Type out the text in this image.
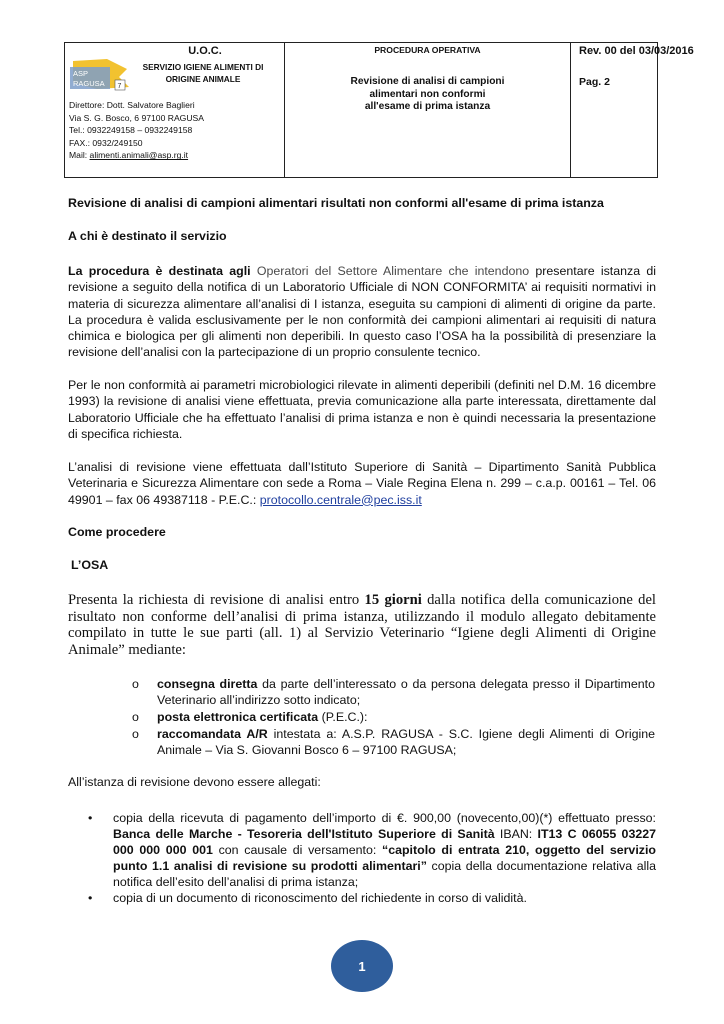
ASP
RAGUSA 7
U.O.C.
SERVIZIO IGIENE ALIMENTI DI
ORIGINE ANIMALE
Direttore: Dott. Salvatore Baglieri
Via S. G. Bosco, 6 97100 RAGUSA
Tel.: 0932249158 – 0932249158
FAX.: 0932/249150
Mail: alimenti.animali@asp.rg.it
PROCEDURA OPERATIVA
Revisione di analisi di campioni
alimentari non conformi
all'esame di prima istanza
Rev. 00 del 03/03/2016
Pag. 2
Revisione di analisi di campioni alimentari risultati non conformi all'esame di prima istanza
A chi è destinato il servizio
La procedura è destinata agli Operatori del Settore Alimentare che intendono presentare istanza di revisione a seguito della notifica di un Laboratorio Ufficiale di NON CONFORMITA’ ai requisiti normativi in materia di sicurezza alimentare all’analisi di I istanza, eseguita su campioni di alimenti di origine da parte. La procedura è valida esclusivamente per le non conformità dei campioni alimentari ai requisiti di natura chimica e biologica per gli alimenti non deperibili. In questo caso l’OSA ha la possibilità di presenziare la revisione dell’analisi con la partecipazione di un proprio consulente tecnico.
Per le non conformità ai parametri microbiologici rilevate in alimenti deperibili (definiti nel D.M. 16 dicembre 1993) la revisione di analisi viene effettuata, previa comunicazione alla parte interessata, direttamente dal Laboratorio Ufficiale che ha effettuato l’analisi di prima istanza e non è quindi necessaria la presentazione di specifica richiesta.
L’analisi di revisione viene effettuata dall’Istituto Superiore di Sanità – Dipartimento Sanità Pubblica Veterinaria e Sicurezza Alimentare con sede a Roma – Viale Regina Elena n. 299 – c.a.p. 00161 – Tel. 06 49901 – fax 06 49387118 - P.E.C.: protocollo.centrale@pec.iss.it
Come procedere
L’OSA
Presenta la richiesta di revisione di analisi entro 15 giorni dalla notifica della comunicazione del risultato non conforme dell’analisi di prima istanza, utilizzando il modulo allegato debitamente compilato in tutte le sue parti (all. 1) al Servizio Veterinario “Igiene degli Alimenti di Origine Animale” mediante:
o	consegna diretta da parte dell’interessato o da persona delegata presso il Dipartimento Veterinario all’indirizzo sotto indicato;
o	posta elettronica certificata (P.E.C.):
o	raccomandata A/R intestata a: A.S.P. RAGUSA - S.C. Igiene degli Alimenti di Origine Animale – Via S. Giovanni Bosco 6 – 97100 RAGUSA;
All’istanza di revisione devono essere allegati:
• copia della ricevuta di pagamento dell’importo di €. 900,00 (novecento,00)(*) effettuato presso: Banca delle Marche - Tesoreria dell'Istituto Superiore di Sanità IBAN: IT13 C 06055 03227 000 000 000 001 con causale di versamento: “capitolo di entrata 210, oggetto del servizio punto 1.1 analisi di revisione su prodotti alimentari” copia della documentazione relativa alla notifica dell’esito dell’analisi di prima istanza;
• copia di un documento di riconoscimento del richiedente in corso di validità.
1
